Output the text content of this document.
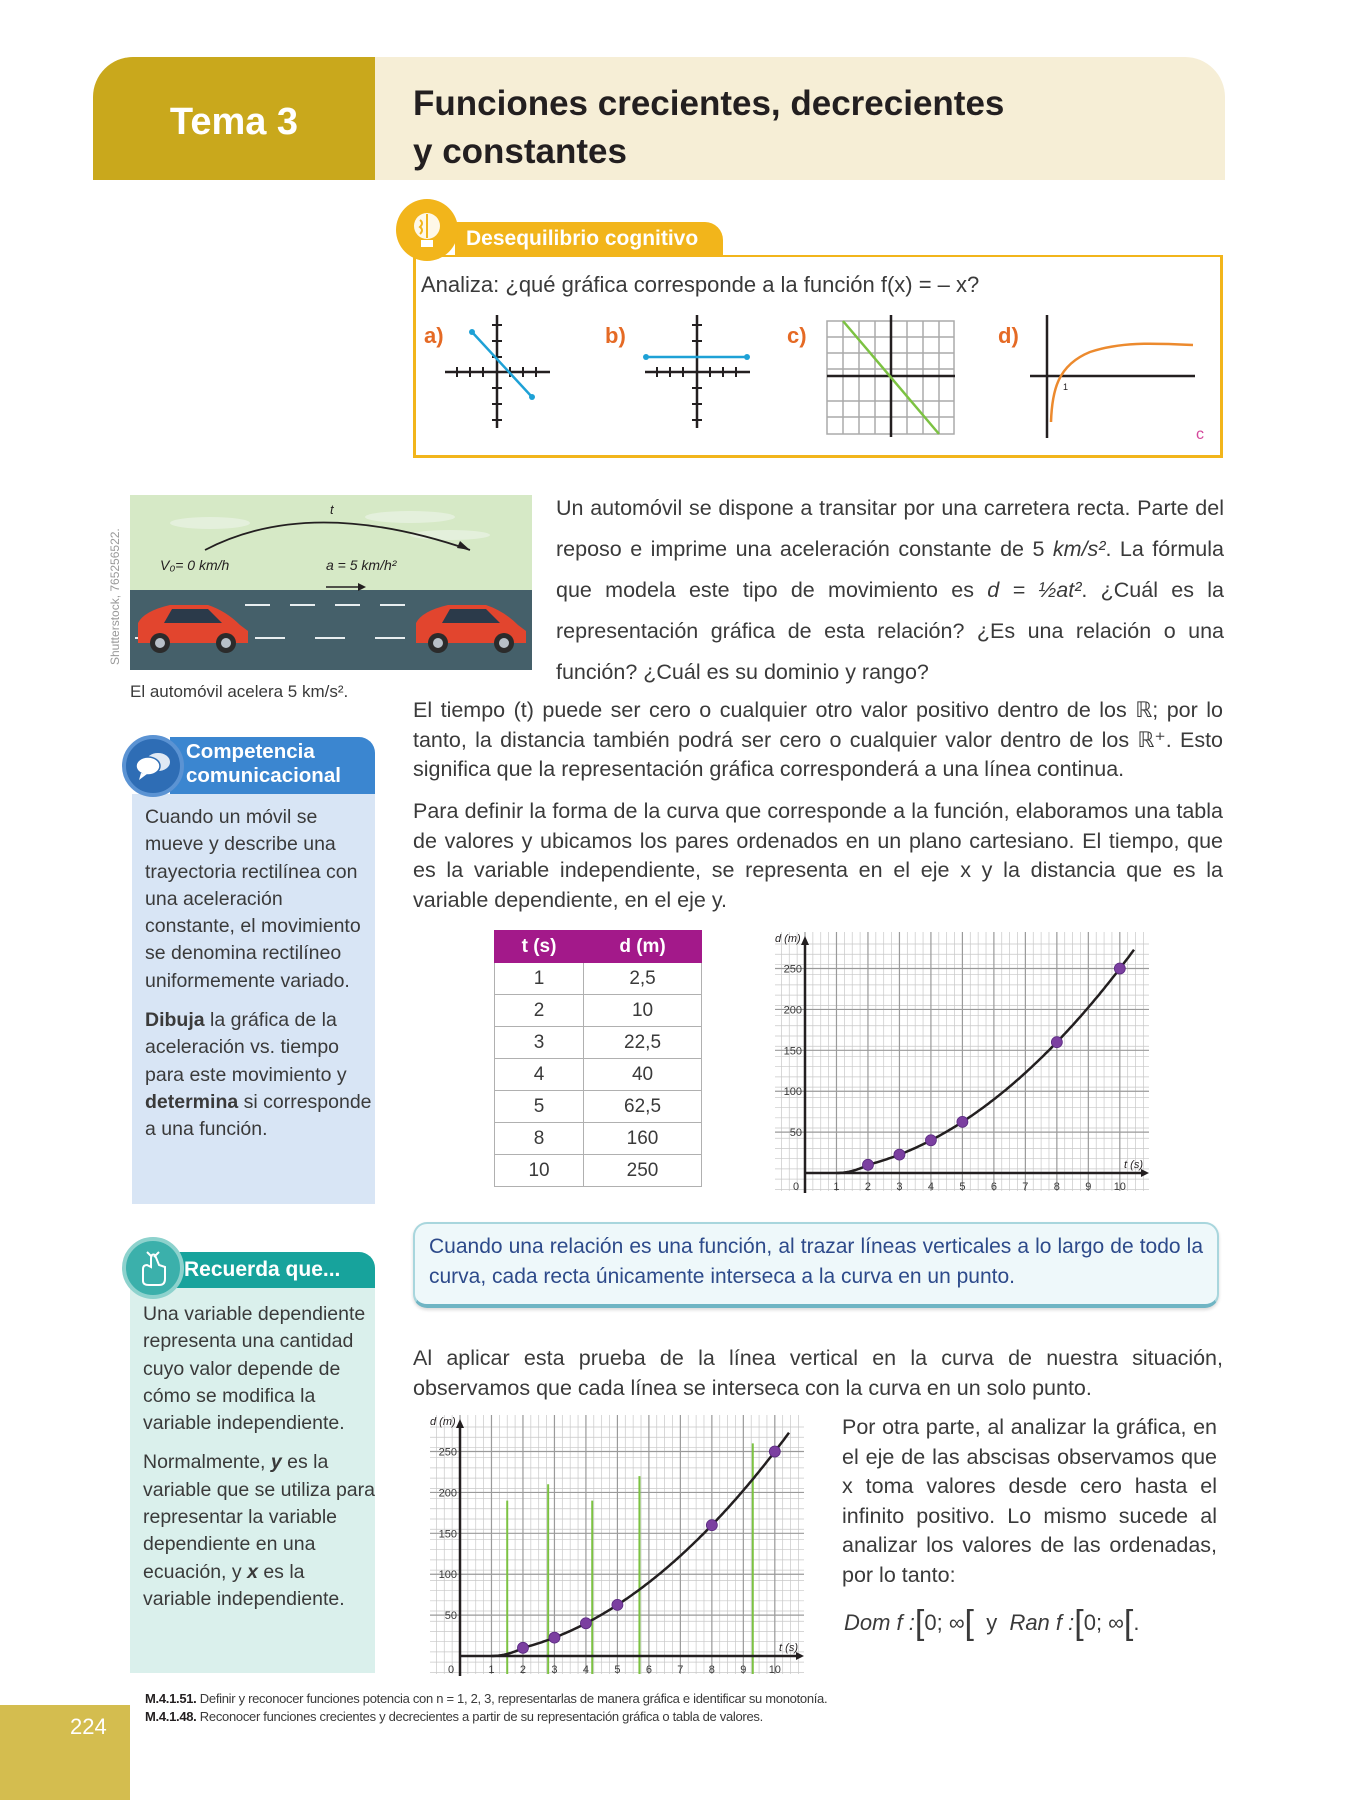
Tema 3	Funciones crecientes, decrecientes
y constantes
Desequilibrio cognitivo
Analiza: ¿qué gráfica corresponde a la función f(x) = – x?
a)	b)	c)	d)
1
c
t
V₀= 0 km/h	a = 5 km/h²
Shutterstock, 765256522.
El automóvil acelera 5 km/s².
Un automóvil se dispone a transitar por una carretera recta. Parte del reposo e imprime una aceleración constante de 5 km/s². La fórmula que modela este tipo de movimiento es d = ½at². ¿Cuál es la representación gráfica de esta relación? ¿Es una relación o una función? ¿Cuál es su dominio y rango?
El tiempo (t) puede ser cero o cualquier otro valor positivo dentro de los ℝ; por lo tanto, la distancia también podrá ser cero o cualquier valor dentro de los ℝ⁺. Esto significa que la representación gráfica corresponderá a una línea continua.
Para definir la forma de la curva que corresponde a la función, elaboramos una tabla de valores y ubicamos los pares ordenados en un plano cartesiano. El tiempo, que es la variable independiente, se representa en el eje x y la distancia que es la variable dependiente, en el eje y.

Cuando un móvil se mueve y describe una trayectoria rectilínea con una aceleración constante, el movimiento se denomina rectilíneo uniformemente variado.

Dibuja la gráfica de la aceleración vs. tiempo para este movimiento y determina si corresponde a una función.

Competencia
comunicacional
t (s)	d (m)
1	2,5
2	10
3	22,5
4	40
5	62,5
8	160
10	250
0	1 2 3 4 5 6 7 8 9 10
50
100
150
200
250
t (s)
d (m)
Cuando una relación es una función, al trazar líneas verticales a lo largo de todo la curva, cada recta únicamente interseca a la curva en un punto.
Al aplicar esta prueba de la línea vertical en la curva de nuestra situación, observamos que cada línea se interseca con la curva en un solo punto.
0	1 2 3 4 5 6 7 8 9 10
50
100
150
200
250
t (s)
d (m)	Por otra parte, al analizar la gráfica, en el eje de las abscisas observamos que x toma valores desde cero hasta el infinito positivo. Lo mismo sucede al analizar los valores de las ordenadas, por lo tanto:
Dom f :[0; ∞[ y Ran f :[0; ∞[.

Una variable dependiente representa una cantidad cuyo valor depende de cómo se modifica la variable independiente.

Normalmente, y es la variable que se utiliza para representar la variable dependiente en una ecuación, y x es la variable independiente.

Recuerda que...
224
M.4.1.51. Definir y reconocer funciones potencia con n = 1, 2, 3, representarlas de manera gráfica e identificar su monotonía.
M.4.1.48. Reconocer funciones crecientes y decrecientes a partir de su representación gráfica o tabla de valores.
